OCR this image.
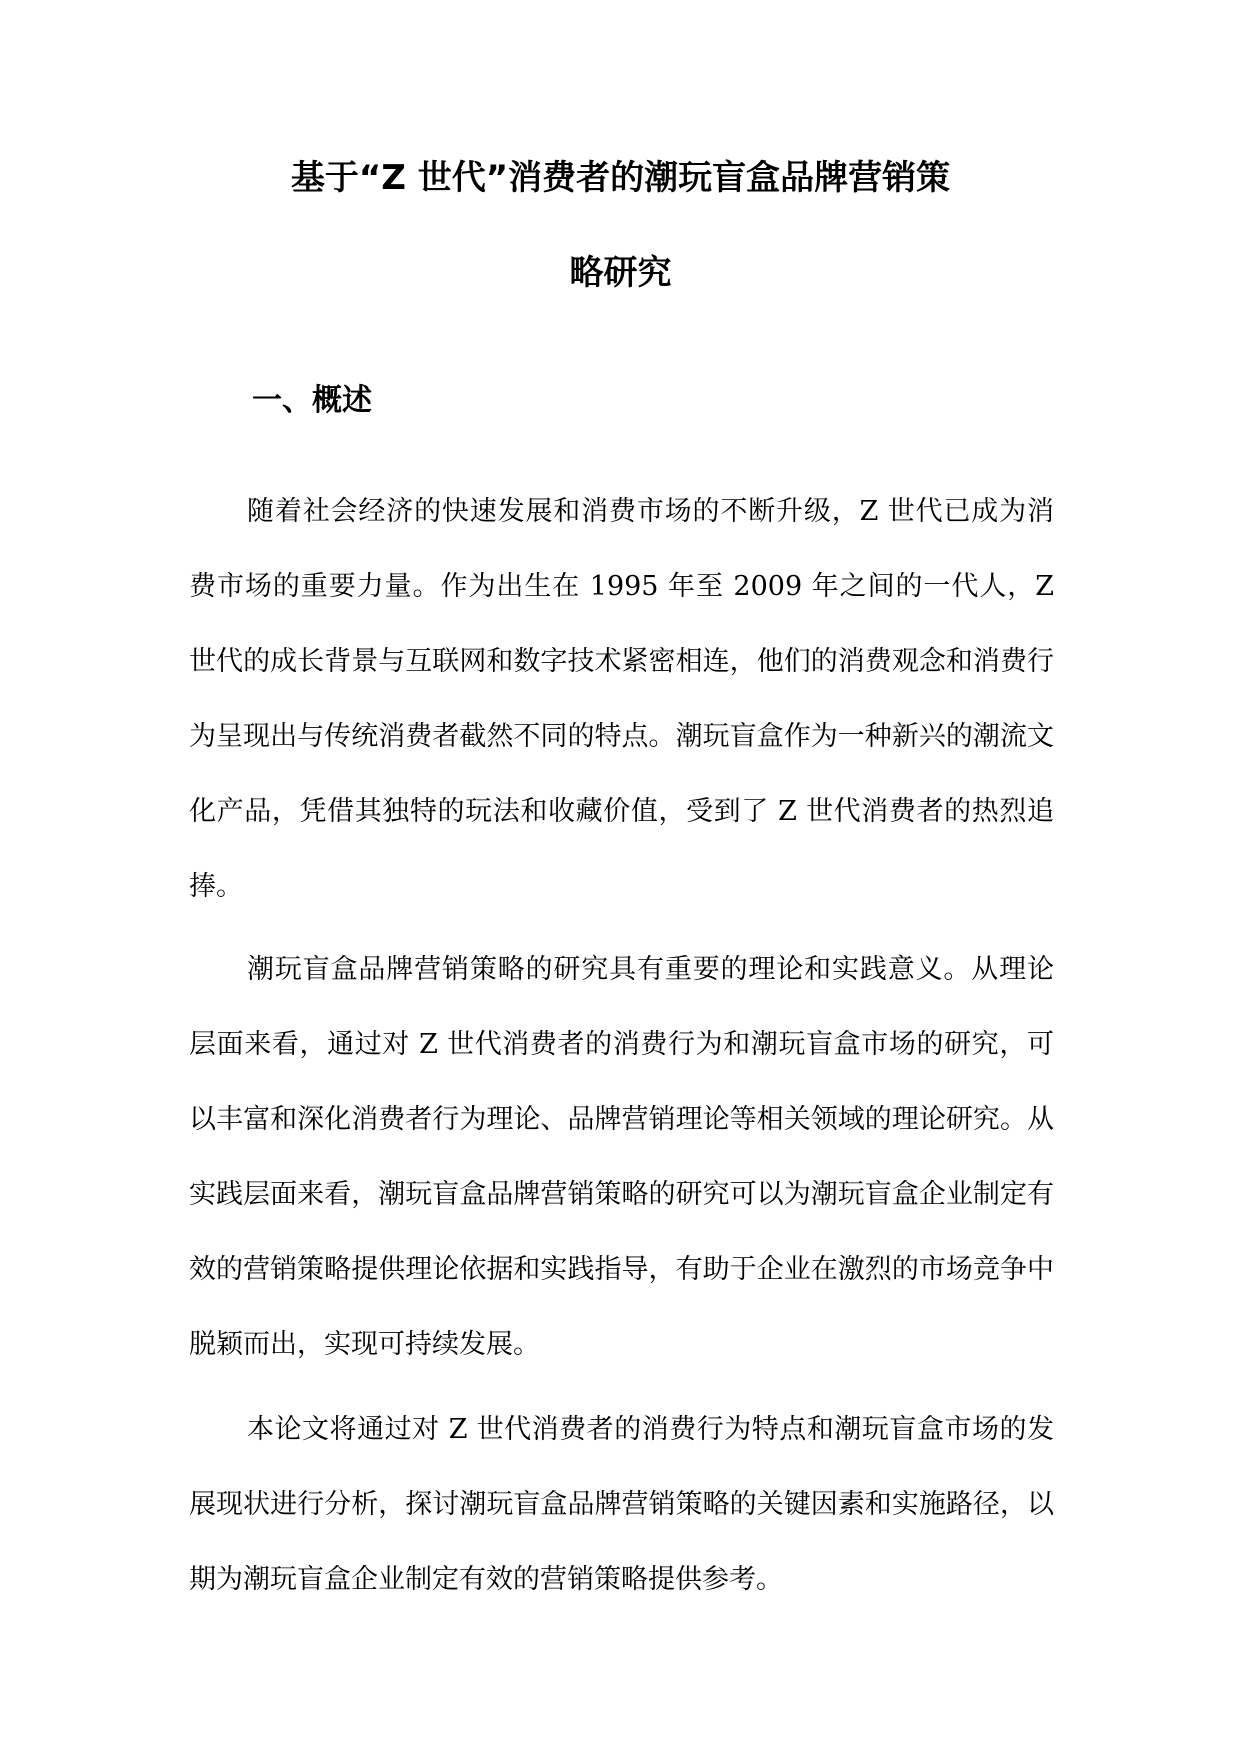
基于“Z 世代”消费者的潮玩盲盒品牌营销策
略研究
一、概述

随着社会经济的快速发展和消费市场的不断升级，Z 世代已成为消费市场的重要力量。作为出生在 1995 年至 2009 年之间的一代人，Z 世代的成长背景与互联网和数字技术紧密相连，他们的消费观念和消费行为呈现出与传统消费者截然不同的特点。潮玩盲盒作为一种新兴的潮流文化产品，凭借其独特的玩法和收藏价值，受到了 Z 世代消费者的热烈追捧。

潮玩盲盒品牌营销策略的研究具有重要的理论和实践意义。从理论层面来看，通过对 Z 世代消费者的消费行为和潮玩盲盒市场的研究，可以丰富和深化消费者行为理论、品牌营销理论等相关领域的理论研究。从实践层面来看，潮玩盲盒品牌营销策略的研究可以为潮玩盲盒企业制定有效的营销策略提供理论依据和实践指导，有助于企业在激烈的市场竞争中脱颖而出，实现可持续发展。

本论文将通过对 Z 世代消费者的消费行为特点和潮玩盲盒市场的发展现状进行分析，探讨潮玩盲盒品牌营销策略的关键因素和实施路径，以期为潮玩盲盒企业制定有效的营销策略提供参考。
